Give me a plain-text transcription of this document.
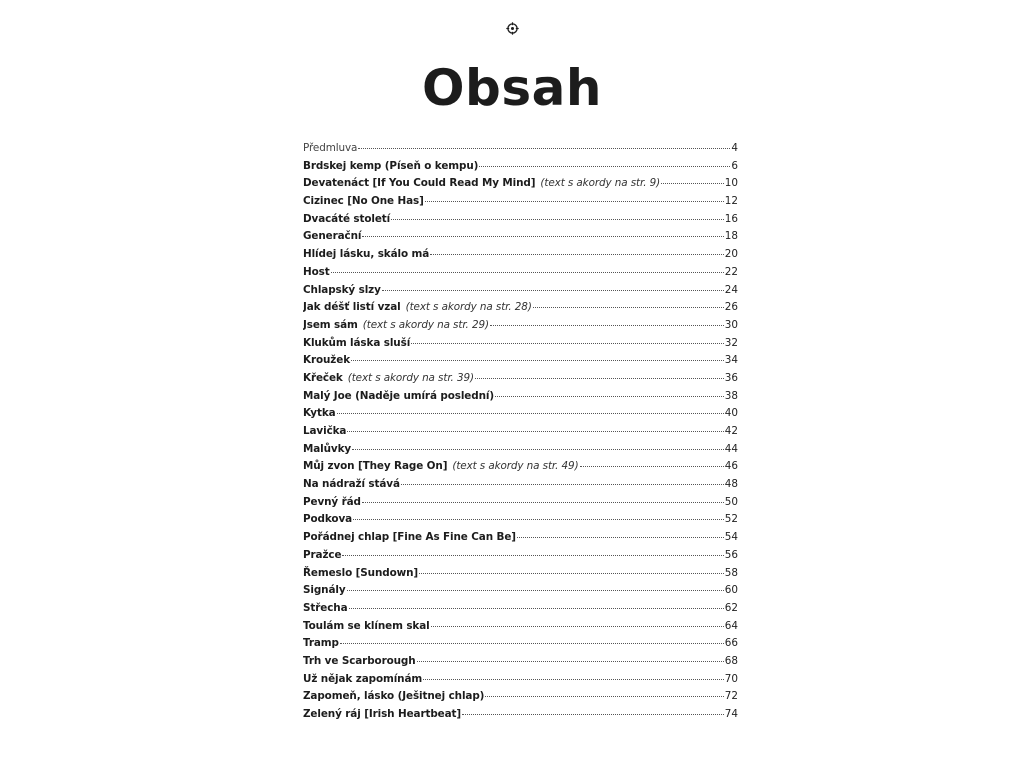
Obsah
Předmluva	4
Brdskej kemp (Píseň o kempu)	6
Devatenáct [If You Could Read My Mind] (text s akordy na str. 9)	10
Cizinec [No One Has]	12
Dvacáté století	16
Generační	18
Hlídej lásku, skálo má	20
Host	22
Chlapský slzy	24
Jak déšť listí vzal (text s akordy na str. 28)	26
Jsem sám (text s akordy na str. 29)	30
Klukům láska sluší	32
Kroužek	34
Křeček (text s akordy na str. 39)	36
Malý Joe (Naděje umírá poslední)	38
Kytka	40
Lavička	42
Malůvky	44
Můj zvon [They Rage On] (text s akordy na str. 49)	46
Na nádraží stává	48
Pevný řád	50
Podkova	52
Pořádnej chlap [Fine As Fine Can Be]	54
Pražce	56
Řemeslo [Sundown]	58
Signály	60
Střecha	62
Toulám se klínem skal	64
Tramp	66
Trh ve Scarborough	68
Už nějak zapomínám	70
Zapomeň, lásko (Ješitnej chlap)	72
Zelený ráj [Irish Heartbeat]	74
